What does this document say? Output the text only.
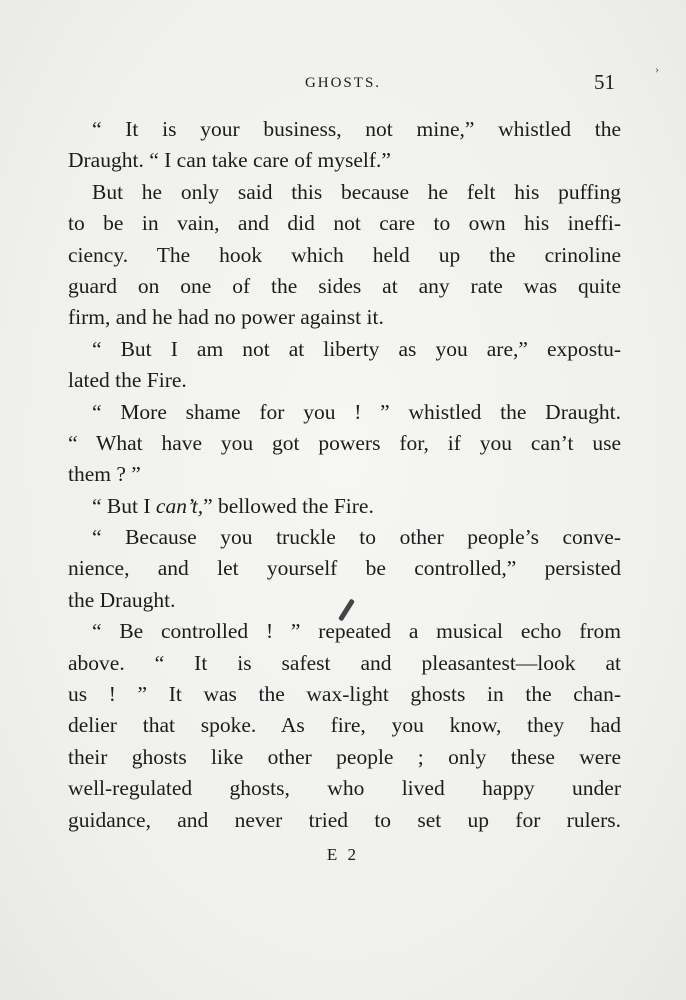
›
GHOSTS.	51
“ It is your business, not mine,” whistled the
Draught. “ I can take care of myself.”
But he only said this because he felt his puffing
to be in vain, and did not care to own his ineffi-
ciency. The hook which held up the crinoline
guard on one of the sides at any rate was quite
firm, and he had no power against it.
“ But I am not at liberty as you are,” expostu-
lated the Fire.
“ More shame for you ! ” whistled the Draught.
“ What have you got powers for, if you can’t use
them ? ”
“ But I can’t,” bellowed the Fire.
“ Because you truckle to other people’s conve-
nience, and let yourself be controlled,” persisted
the Draught.
“ Be controlled ! ” repeated a musical echo from
above. “ It is safest and pleasantest—look at
us ! ” It was the wax-light ghosts in the chan-
delier that spoke. As fire, you know, they had
their ghosts like other people ; only these were
well-regulated ghosts, who lived happy under
guidance, and never tried to set up for rulers.
E 2
